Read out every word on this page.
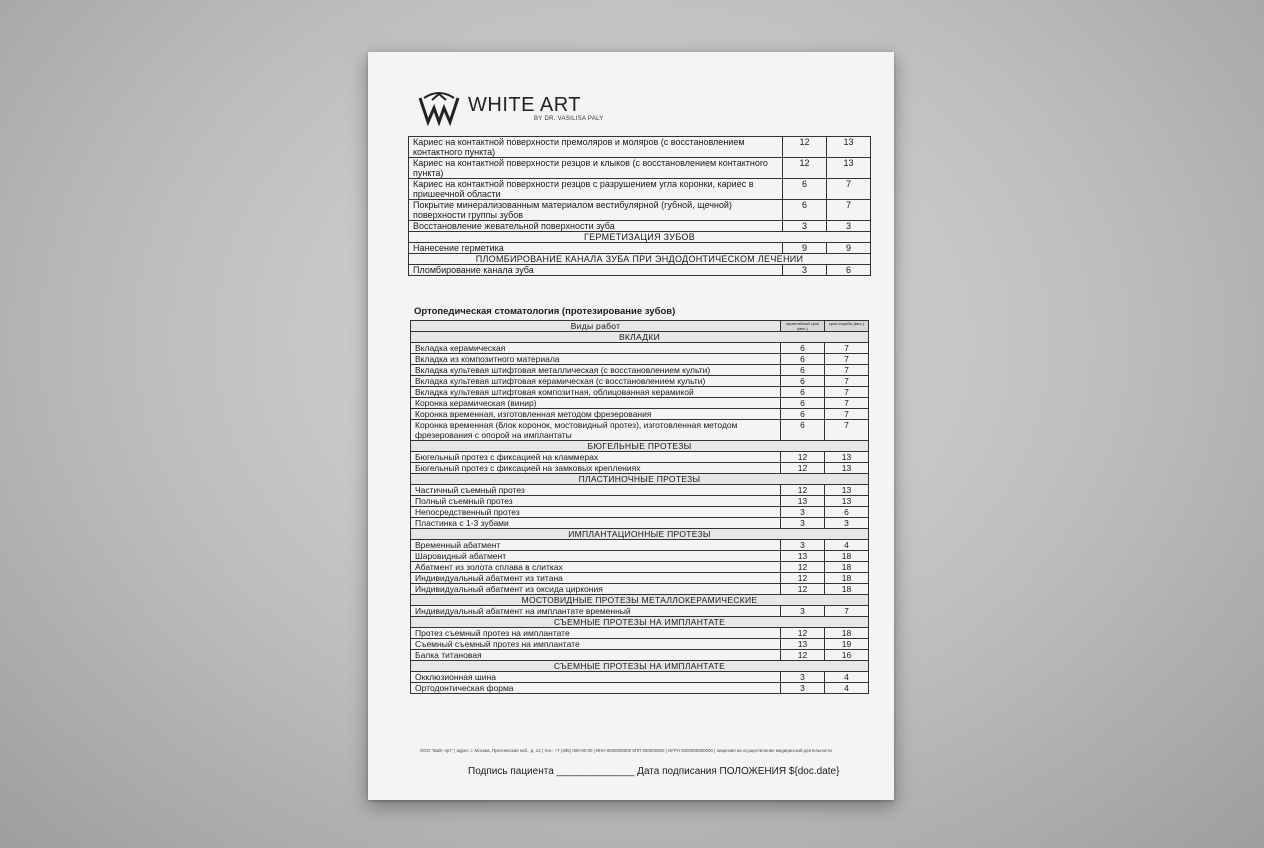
WHITE ART
BY DR. VASILISA PALY
Кариес на контактной поверхности премоляров и моляров (с восстановлением контактного пункта)	12	13
Кариес на контактной поверхности резцов и клыков (с восстановлением контактного пункта)	12	13
Кариес на контактной поверхности резцов с разрушением угла коронки, кариес в пришеечной области	6	7
Покрытие минерализованным материалом вестибулярной (губной, щечной) поверхности группы зубов	6	7
Восстановление жевательной поверхности зуба	3	3
ГЕРМЕТИЗАЦИЯ ЗУБОВ		
Нанесение герметика	9	9
ПЛОМБИРОВАНИЕ КАНАЛА ЗУБА ПРИ ЭНДОДОНТИЧЕСКОМ ЛЕЧЕНИИ		
Пломбирование канала зуба	3	6
Ортопедическая стоматология (протезирование зубов)
Виды работ	гарантийный срок (мес.)	срок службы (мес.)
ВКЛАДКИ		
Вкладка керамическая	6	7
Вкладка из композитного материала	6	7
Вкладка культевая штифтовая металлическая (с восстановлением культи)	6	7
Вкладка культевая штифтовая керамическая (с восстановлением культи)	6	7
Вкладка культевая штифтовая композитная, облицованная керамикой	6	7
Коронка керамическая (винир)	6	7
Коронка временная, изготовленная методом фрезерования	6	7
Коронка временная (блок коронок, мостовидный протез), изготовленная методом фрезерования с опорой на имплантаты	6	7
БЮГЕЛЬНЫЕ ПРОТЕЗЫ		
Бюгельный протез с фиксацией на кламмерах	12	13
Бюгельный протез с фиксацией на замковых креплениях	12	13
ПЛАСТИНОЧНЫЕ ПРОТЕЗЫ		
Частичный съемный протез	12	13
Полный съемный протез	13	13
Непосредственный протез	3	6
Пластинка с 1-3 зубами	3	3
ИМПЛАНТАЦИОННЫЕ ПРОТЕЗЫ		
Временный абатмент	3	4
Шаровидный абатмент	13	18
Абатмент из золота сплава в слитках	12	18
Индивидуальный абатмент из титана	12	18
Индивидуальный абатмент из оксида циркония	12	18
МОСТОВИДНЫЕ ПРОТЕЗЫ МЕТАЛЛОКЕРАМИЧЕСКИЕ		
Индивидуальный абатмент на имплантате временный	3	7
СЪЕМНЫЕ ПРОТЕЗЫ НА ИМПЛАНТАТЕ		
Протез съемный протез на имплантате	12	18
Съемный съемный протез на имплантате	13	19
Балка титановая	12	16
СЪЕМНЫЕ ПРОТЕЗЫ НА ИМПЛАНТАТЕ		
Окклюзионная шина	3	4
Ортодонтическая форма	3	4
ООО "Вайт Арт" | адрес: г. Москва, Пресненская наб., д. 12 | тел.: +7 (495) 000-00-00 | ИНН 0000000000 КПП 000000000 | ОГРН 0000000000000 | лицензия на осуществление медицинской деятельности
Подпись пациента ______________ Дата подписания ПОЛОЖЕНИЯ ${doc.date}
